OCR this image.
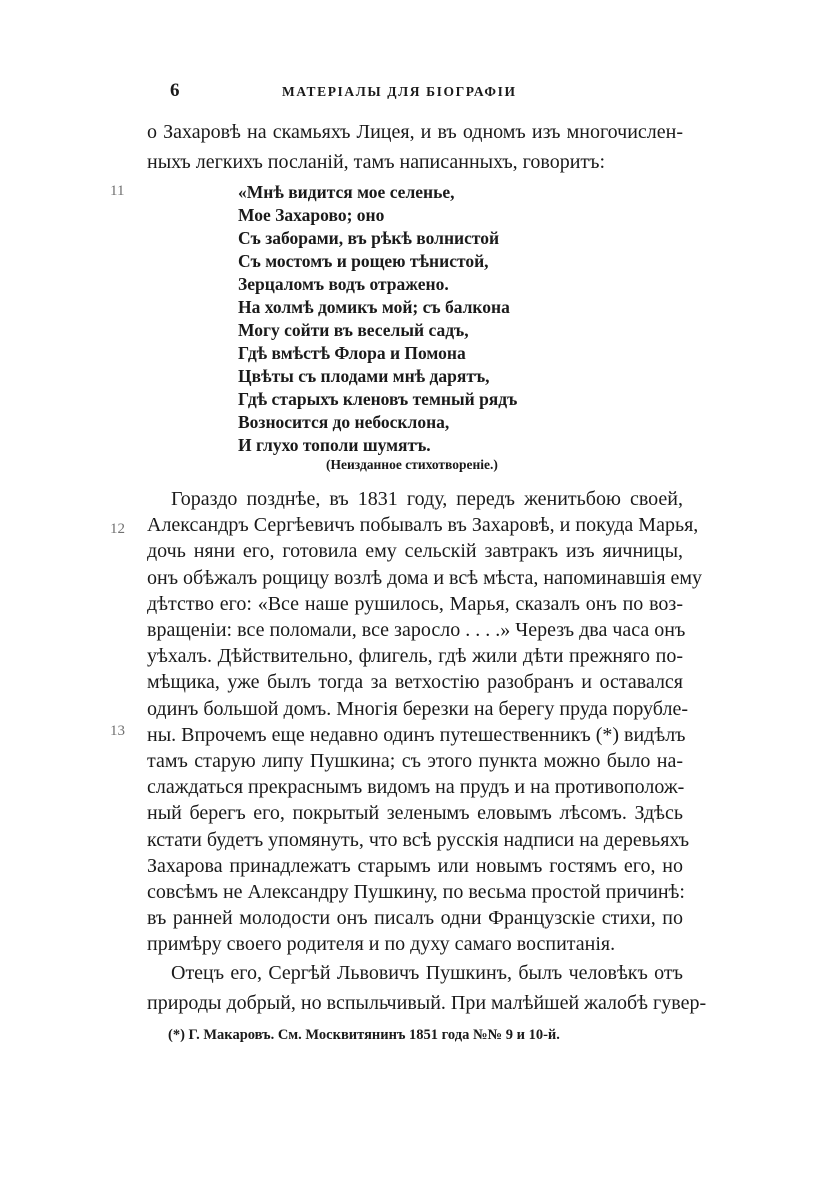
6	МАТЕРІАЛЫ ДЛЯ БІОГРАФІИ
о Захаровѣ на скамьяхъ Лицея, и въ одномъ изъ многочислен-
ныхъ легкихъ посланій, тамъ написанныхъ, говоритъ:
11
12
13
«Мнѣ видится мое селенье,
Мое Захарово; оно
Съ заборами, въ рѣкѣ волнистой
Съ мостомъ и рощею тѣнистой,
Зерцаломъ водъ отражено.
На холмѣ домикъ мой; съ балкона
Могу сойти въ веселый садъ,
Гдѣ вмѣстѣ Флора и Помона
Цвѣты съ плодами мнѣ дарятъ,
Гдѣ старыхъ кленовъ темный рядъ
Возносится до небосклона,
И глухо тополи шумятъ.
(Неизданное стихотвореніе.)
Гораздо позднѣе, въ 1831 году, передъ женитьбою своей,
Александръ Сергѣевичъ побывалъ въ Захаровѣ, и покуда Марья,
дочь няни его, готовила ему сельскій завтракъ изъ яичницы,
онъ обѣжалъ рощицу возлѣ дома и всѣ мѣста, напоминавшія ему
дѣтство его: «Все наше рушилось, Марья, сказалъ онъ по воз-
вращеніи: все поломали, все заросло . . . .» Черезъ два часа онъ
уѣхалъ. Дѣйствительно, флигель, гдѣ жили дѣти прежняго по-
мѣщика, уже былъ тогда за ветхостію разобранъ и оставался
одинъ большой домъ. Многія березки на берегу пруда порублe-
ны. Впрочемъ еще недавно одинъ путешественникъ (*) видѣлъ
тамъ старую липу Пушкина; съ этого пункта можно было на-
слаждаться прекраснымъ видомъ на прудъ и на противополож-
ный берегъ его, покрытый зеленымъ еловымъ лѣсомъ. Здѣсь
кстати будетъ упомянуть, что всѣ русскія надписи на деревьяхъ
Захарова принадлежатъ старымъ или новымъ гостямъ его, но
совсѣмъ не Александру Пушкину, по весьма простой причинѣ:
въ ранней молодости онъ писалъ одни Французскіе стихи, по
примѣру своего родителя и по духу самаго воспитанія.
Отецъ его, Сергѣй Львовичъ Пушкинъ, былъ человѣкъ отъ
природы добрый, но вспыльчивый. При малѣйшей жалобѣ гувер-
(*) Г. Макаровъ. См. Москвитянинъ 1851 года №№ 9 и 10-й.
